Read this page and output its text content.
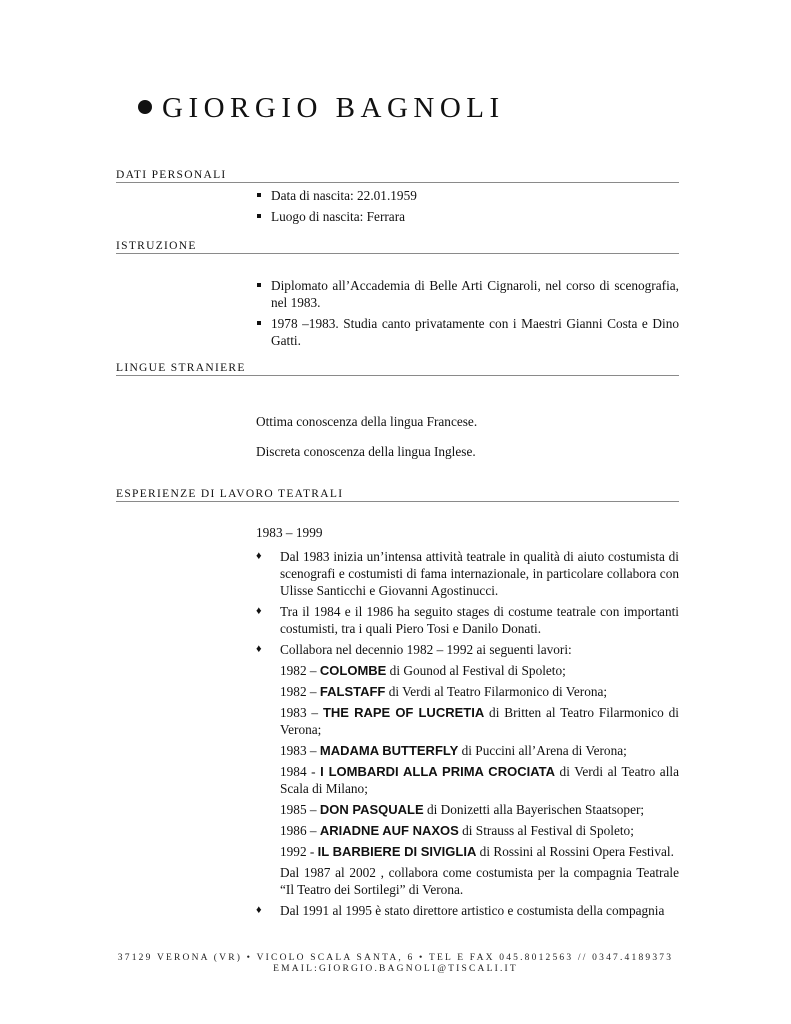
GIORGIO BAGNOLI
DATI PERSONALI
Data di nascita: 22.01.1959
Luogo di nascita: Ferrara
ISTRUZIONE
Diplomato all’Accademia di Belle Arti Cignaroli, nel corso di scenografia, nel 1983.
1978 –1983. Studia canto privatamente con i Maestri Gianni Costa e Dino Gatti.
LINGUE STRANIERE

Ottima conoscenza della lingua Francese.

Discreta conoscenza della lingua Inglese.

ESPERIENZE DI LAVORO TEATRALI

1983 – 1999

♦ Dal 1983 inizia un’intensa attività teatrale in qualità di aiuto costumista di scenografi e costumisti di fama internazionale, in particolare collabora con Ulisse Santicchi e Giovanni Agostinucci.
♦ Tra il 1984 e il 1986 ha seguito stages di costume teatrale con importanti costumisti, tra i quali Piero Tosi e Danilo Donati.
♦ Collabora nel decennio 1982 – 1992 ai seguenti lavori:
1982 – COLOMBE di Gounod al Festival di Spoleto;
1982 – FALSTAFF di Verdi al Teatro Filarmonico di Verona;
1983 – THE RAPE OF LUCRETIA di Britten al Teatro Filarmonico di Verona;
1983 – MADAMA BUTTERFLY di Puccini all’Arena di Verona;
1984 - I LOMBARDI ALLA PRIMA CROCIATA di Verdi al Teatro alla Scala di Milano;
1985 – DON PASQUALE di Donizetti alla Bayerischen Staatsoper;
1986 – ARIADNE AUF NAXOS di Strauss al Festival di Spoleto;
1992 - IL BARBIERE DI SIVIGLIA di Rossini al Rossini Opera Festival.
Dal 1987 al 2002 , collabora come costumista per la compagnia Teatrale “Il Teatro dei Sortilegi” di Verona.
♦ Dal 1991 al 1995 è stato direttore artistico e costumista della compagnia
37129 VERONA (VR) • VICOLO SCALA SANTA, 6 • TEL E FAX 045.8012563 // 0347.4189373
EMAIL:GIORGIO.BAGNOLI@TISCALI.IT
